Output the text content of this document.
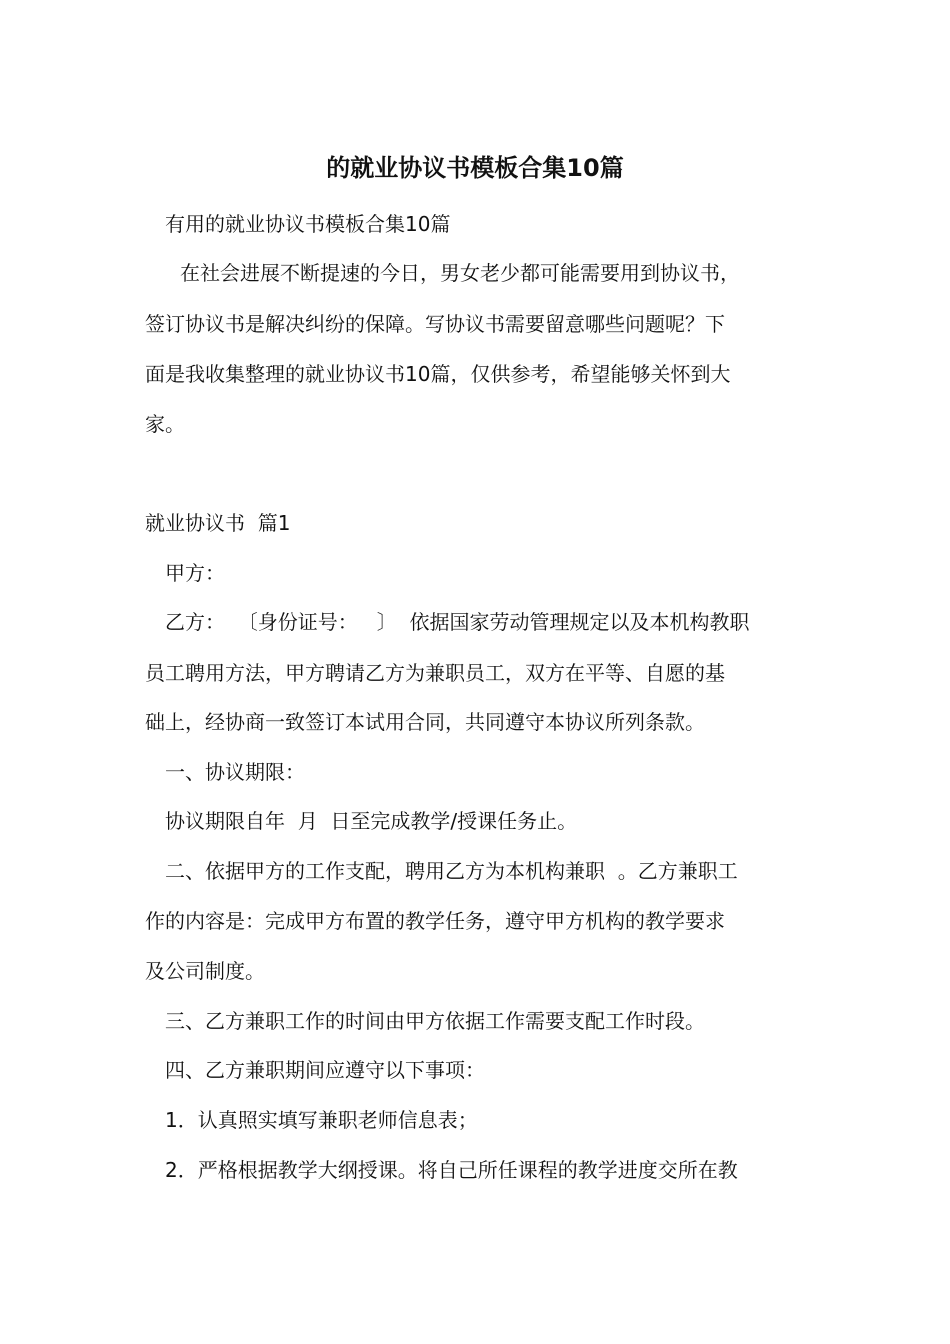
的就业协议书模板合集10篇
有用的就业协议书模板合集10篇
在社会进展不断提速的今日，男女老少都可能需要用到协议书，
签订协议书是解决纠纷的保障。写协议书需要留意哪些问题呢？下
面是我收集整理的就业协议书10篇，仅供参考，希望能够关怀到大
家。
就业协议书  篇1
甲方：
乙方：  〔身份证号：   〕  依据国家劳动管理规定以及本机构教职
员工聘用方法，甲方聘请乙方为兼职员工，双方在平等、自愿的基
础上，经协商一致签订本试用合同，共同遵守本协议所列条款。
一、协议期限：
协议期限自年  月  日至完成教学/授课任务止。
二、依据甲方的工作支配，聘用乙方为本机构兼职  。乙方兼职工
作的内容是：完成甲方布置的教学任务，遵守甲方机构的教学要求
及公司制度。
三、乙方兼职工作的时间由甲方依据工作需要支配工作时段。
四、乙方兼职期间应遵守以下事项：
1．认真照实填写兼职老师信息表；
2．严格根据教学大纲授课。将自己所任课程的教学进度交所在教
